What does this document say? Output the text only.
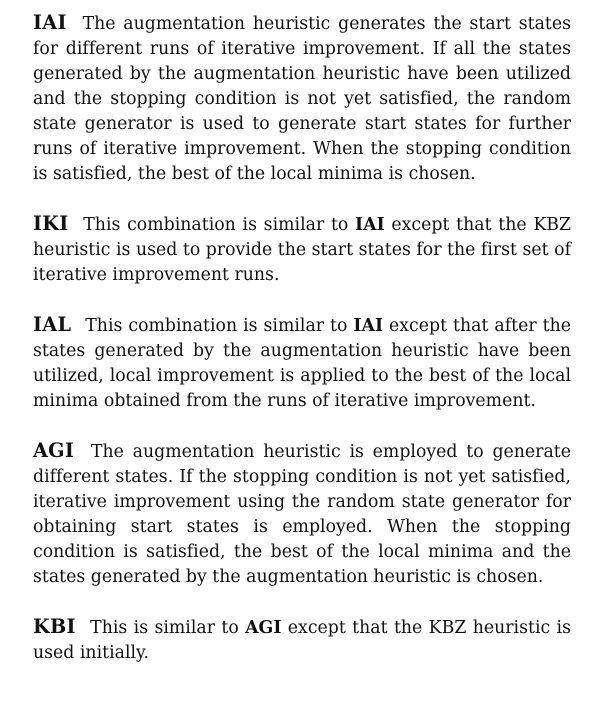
IAI The augmentation heuristic generates the start states for different runs of iterative improvement. If all the states generated by the augmentation heuristic have been utilized and the stopping condition is not yet satisfied, the random state generator is used to generate start states for further runs of iterative improvement. When the stopping condition is satisfied, the best of the local minima is chosen.

IKI This combination is similar to IAI except that the KBZ heuristic is used to provide the start states for the first set of iterative improvement runs.

IAL This combination is similar to IAI except that after the states generated by the augmentation heuristic have been utilized, local improvement is applied to the best of the local minima obtained from the runs of iterative improvement.

AGI The augmentation heuristic is employed to generate different states. If the stopping condition is not yet satisfied, iterative improvement using the random state generator for obtaining start states is employed. When the stopping condition is satisfied, the best of the local minima and the states generated by the augmentation heuristic is chosen.

KBI This is similar to AGI except that the KBZ heuristic is used initially.
